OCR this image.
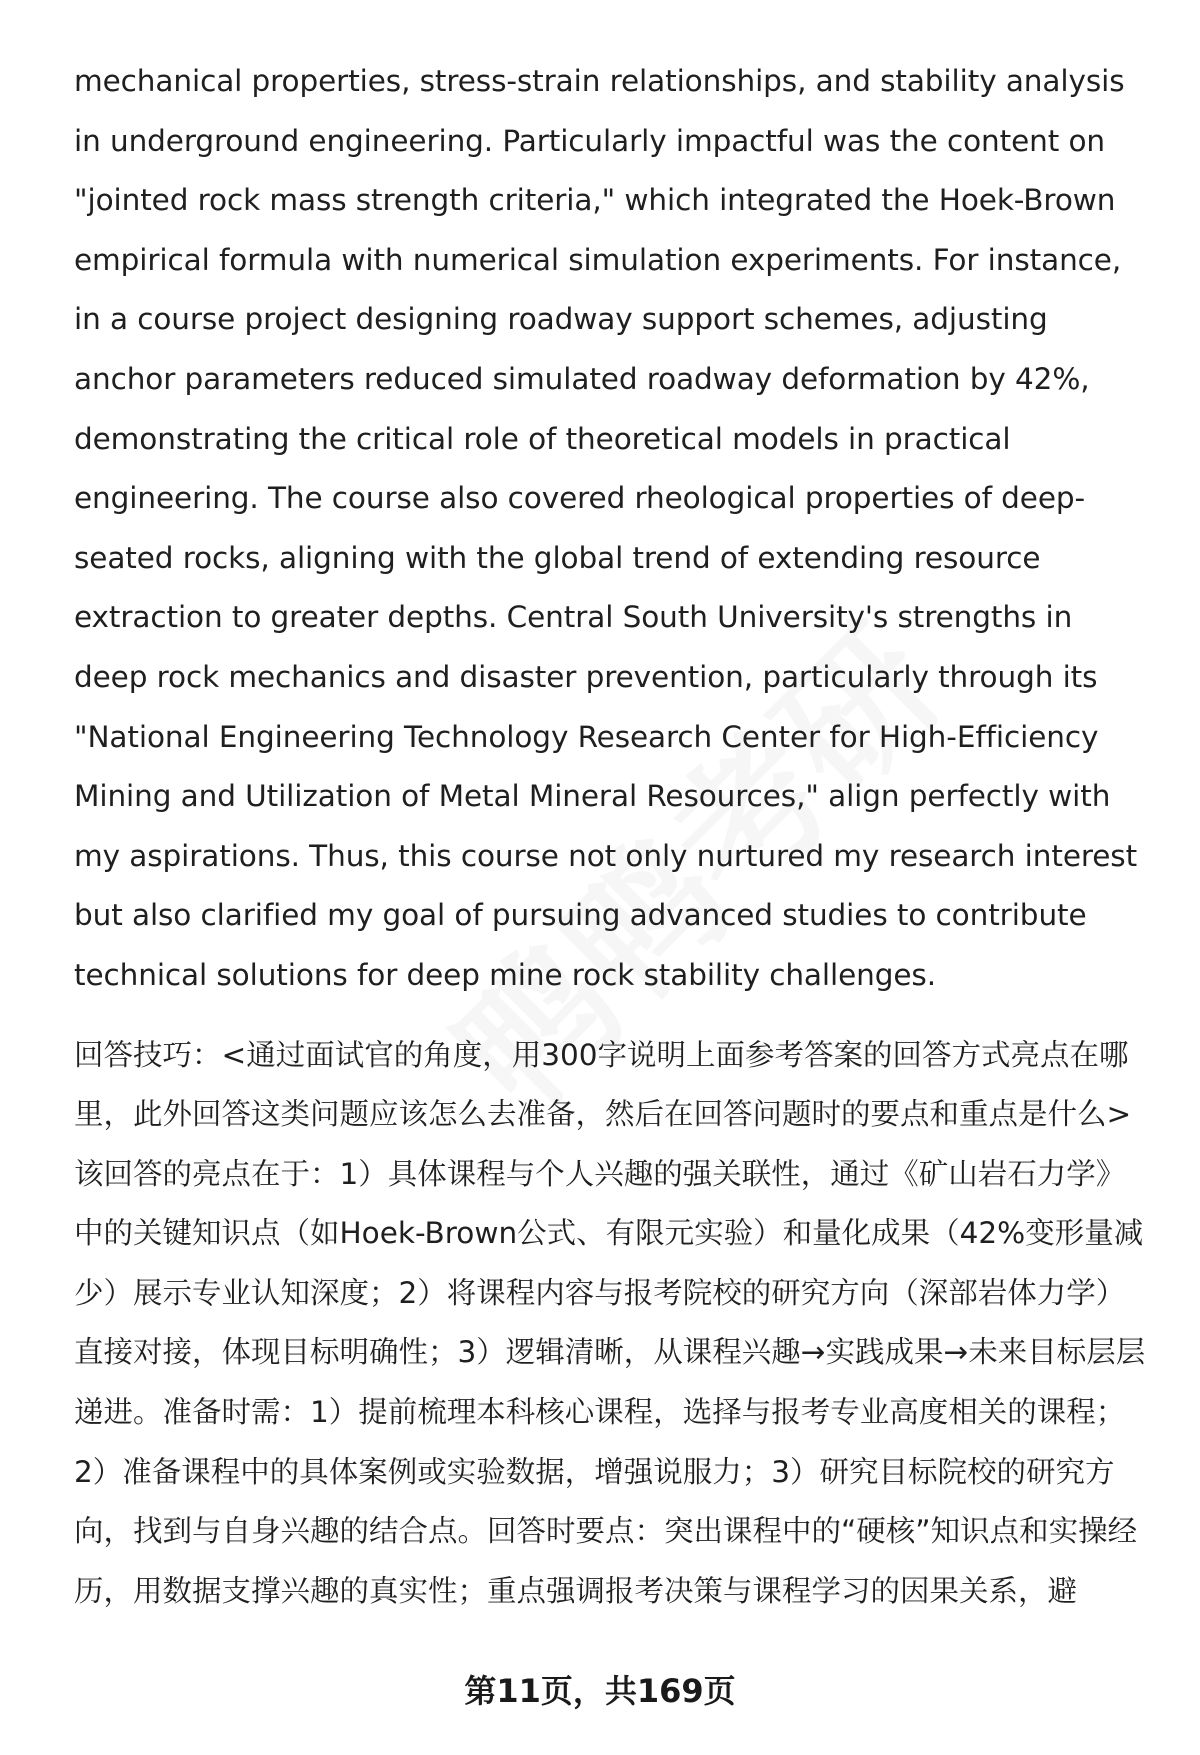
mechanical properties, stress-strain relationships, and stability analysis in underground engineering. Particularly impactful was the content on "jointed rock mass strength criteria," which integrated the Hoek-Brown empirical formula with numerical simulation experiments. For instance, in a course project designing roadway support schemes, adjusting anchor parameters reduced simulated roadway deformation by 42%, demonstrating the critical role of theoretical models in practical engineering. The course also covered rheological properties of deep-seated rocks, aligning with the global trend of extending resource extraction to greater depths. Central South University's strengths in deep rock mechanics and disaster prevention, particularly through its "National Engineering Technology Research Center for High-Efficiency Mining and Utilization of Metal Mineral Resources," align perfectly with my aspirations. Thus, this course not only nurtured my research interest but also clarified my goal of pursuing advanced studies to contribute technical solutions for deep mine rock stability challenges.

回答技巧：<通过面试官的角度，用300字说明上面参考答案的回答方式亮点在哪里，此外回答这类问题应该怎么去准备，然后在回答问题时的要点和重点是什么>

该回答的亮点在于：1）具体课程与个人兴趣的强关联性，通过《矿山岩石力学》中的关键知识点（如Hoek-Brown公式、有限元实验）和量化成果（42%变形量减少）展示专业认知深度；2）将课程内容与报考院校的研究方向（深部岩体力学）直接对接，体现目标明确性；3）逻辑清晰，从课程兴趣→实践成果→未来目标层层递进。准备时需：1）提前梳理本科核心课程，选择与报考专业高度相关的课程；2）准备课程中的具体案例或实验数据，增强说服力；3）研究目标院校的研究方向，找到与自身兴趣的结合点。回答时要点：突出课程中的“硬核”知识点和实操经历，用数据支撑兴趣的真实性；重点强调报考决策与课程学习的因果关系，避

第11页，共169页
